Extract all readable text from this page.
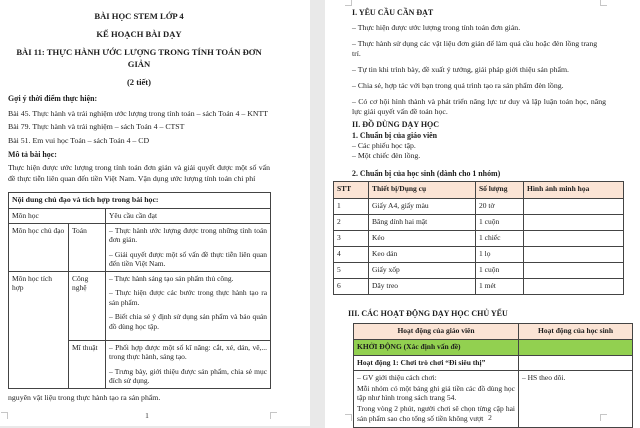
BÀI HỌC STEM LỚP 4
KẾ HOẠCH BÀI DẠY
BÀI 11: THỰC HÀNH ƯỚC LƯỢNG TRONG TÍNH TOÁN ĐƠN GIẢN
(2 tiết)
Gợi ý thời điểm thực hiện:
Bài 45. Thực hành và trải nghiệm ước lượng trong tính toán – sách Toán 4 – KNTT
Bài 79. Thực hành và trải nghiệm – sách Toán 4 – CTST
Bài 51. Em vui học Toán – sách Toán 4 – CD
Mô tả bài học:
Thực hiện được ước lượng trong tính toán đơn giản và giải quyết được một số vấn đề thực tiễn liên quan đến tiền Việt Nam. Vận dụng ước lượng tính toán chi phí
Nội dung chủ đạo và tích hợp trong bài học:		
Môn học		Yêu cầu cần đạt
Môn học chủ đạo	Toán	– Thực hành ước lượng được trong những tính toán đơn giản.

– Giải quyết được một số vấn đề thực tiễn liên quan đến tiền Việt Nam.

Môn học tích hợp	Công nghệ	– Thực hành sáng tạo sản phẩm thủ công.

– Thực hiện được các bước trong thực hành tạo ra sản phẩm.

– Biết chia sẻ ý định sử dụng sản phẩm và bảo quản đồ dùng học tập.

	Mĩ thuật	– Phối hợp được một số kĩ năng: cắt, xé, dán, vẽ,... trong thực hành, sáng tạo.

– Trưng bày, giới thiệu được sản phẩm, chia sẻ mục đích sử dụng.

nguyên vật liệu trong thực hành tạo ra sản phẩm.
1
I. YÊU CẦU CẦN ĐẠT
– Thực hiện được ước lượng trong tính toán đơn giản.
– Thực hành sử dụng các vật liệu đơn giản để làm quả cầu hoặc đèn lồng trang trí.
– Tự tin khi trình bày, đề xuất ý tưởng, giải pháp giới thiệu sản phẩm.
– Chia sẻ, hợp tác với bạn trong quá trình tạo ra sản phẩm đèn lồng.
– Có cơ hội hình thành và phát triển năng lực tư duy và lập luận toán học, năng lực giải quyết vấn đề toán học.
II. ĐỒ DÙNG DẠY HỌC
1. Chuẩn bị của giáo viên
– Các phiếu học tập.
– Một chiếc đèn lồng.
2. Chuẩn bị của học sinh (dành cho 1 nhóm)
STT	Thiết bị/Dụng cụ	Số lượng	Hình ảnh minh họa
1	Giấy A4, giấy màu	20 tờ	
2	Băng dính hai mặt	1 cuộn	
3	Kéo	1 chiếc	
4	Keo dán	1 lọ	
5	Giấy xốp	1 cuộn	
6	Dây treo	1 mét	
III. CÁC HOẠT ĐỘNG DẠY HỌC CHỦ YẾU
Hoạt động của giáo viên	Hoạt động của học sinh
KHỞI ĐỘNG (Xác định vấn đề)	
Hoạt động 1: Chơi trò chơi “Đi siêu thị”	

– GV giới thiệu cách chơi:

Mỗi nhóm có một bảng ghi giá tiền các đồ dùng học tập như hình trong sách trang 54.

Trong vòng 2 phút, người chơi sẽ chọn từng cặp hai sản phẩm sao cho tổng số tiền không vượt	– HS theo dõi.

2
